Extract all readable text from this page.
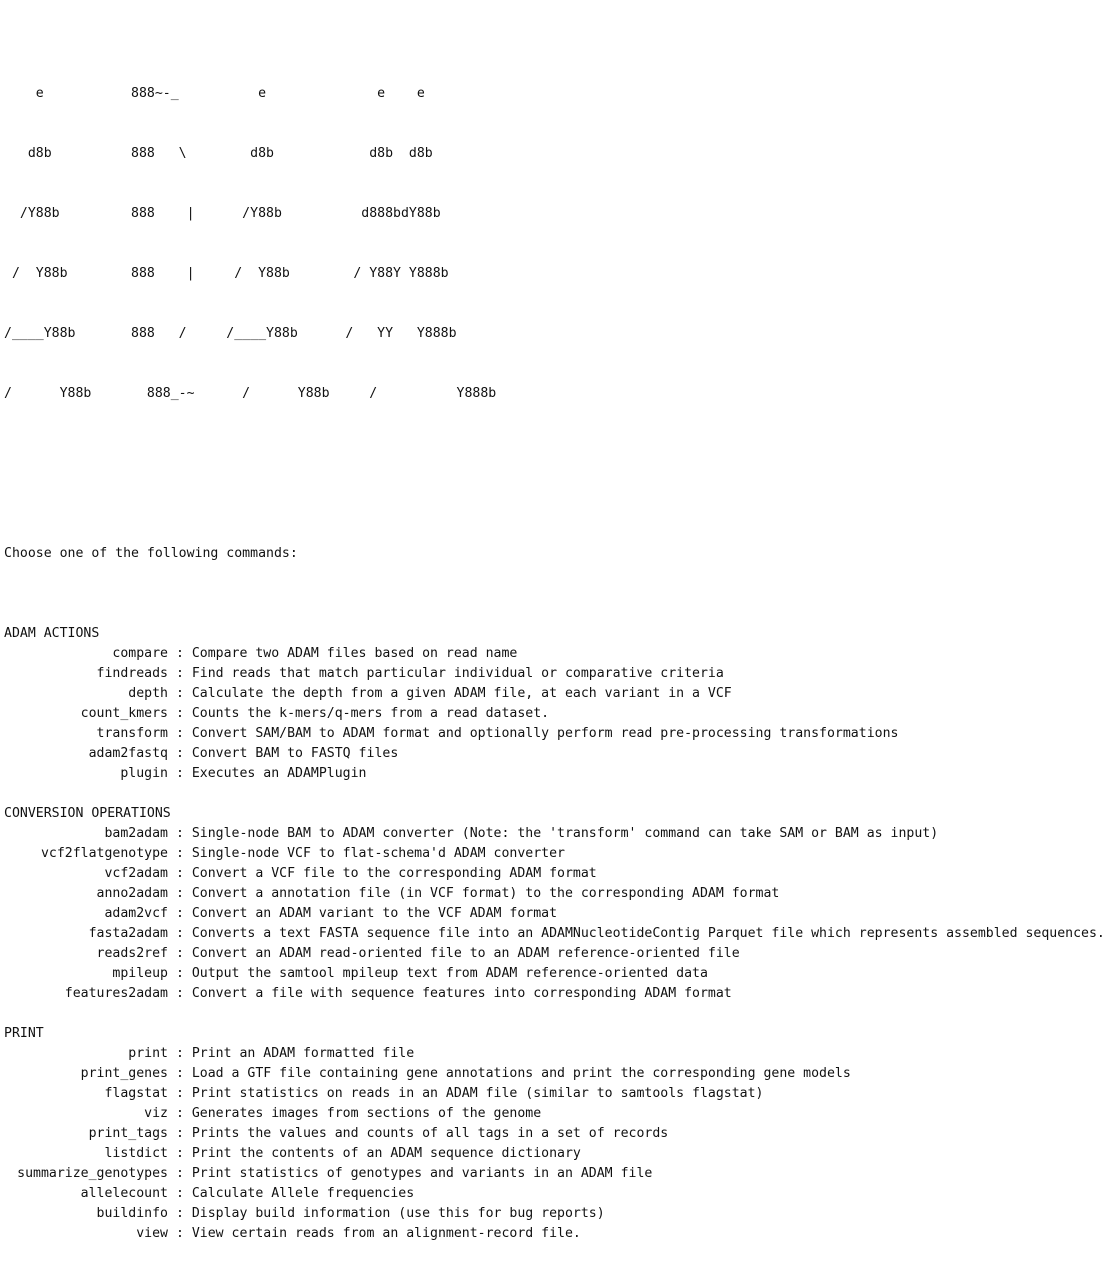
e           888~-_          e              e    e

d8b          888   \        d8b            d8b  d8b

/Y88b         888    |      /Y88b          d888bdY88b

/  Y88b        888    |     /  Y88b        / Y88Y Y888b

/____Y88b       888   /     /____Y88b      /   YY   Y888b

/      Y88b       888_-~      /      Y88b     /          Y888b

Choose one of the following commands:

ADAM ACTIONS
compare : Compare two ADAM files based on read name
findreads : Find reads that match particular individual or comparative criteria
depth : Calculate the depth from a given ADAM file, at each variant in a VCF
count_kmers : Counts the k-mers/q-mers from a read dataset.
transform : Convert SAM/BAM to ADAM format and optionally perform read pre-processing transformations
adam2fastq : Convert BAM to FASTQ files
plugin : Executes an ADAMPlugin
CONVERSION OPERATIONS
bam2adam : Single-node BAM to ADAM converter (Note: the 'transform' command can take SAM or BAM as input)
vcf2flatgenotype : Single-node VCF to flat-schema'd ADAM converter
vcf2adam : Convert a VCF file to the corresponding ADAM format
anno2adam : Convert a annotation file (in VCF format) to the corresponding ADAM format
adam2vcf : Convert an ADAM variant to the VCF ADAM format
fasta2adam : Converts a text FASTA sequence file into an ADAMNucleotideContig Parquet file which represents assembled sequences.
reads2ref : Convert an ADAM read-oriented file to an ADAM reference-oriented file
mpileup : Output the samtool mpileup text from ADAM reference-oriented data
features2adam : Convert a file with sequence features into corresponding ADAM format
PRINT
print : Print an ADAM formatted file
print_genes : Load a GTF file containing gene annotations and print the corresponding gene models
flagstat : Print statistics on reads in an ADAM file (similar to samtools flagstat)
viz : Generates images from sections of the genome
print_tags : Prints the values and counts of all tags in a set of records
listdict : Print the contents of an ADAM sequence dictionary
summarize_genotypes : Print statistics of genotypes and variants in an ADAM file
allelecount : Calculate Allele frequencies
buildinfo : Display build information (use this for bug reports)
view : View certain reads from an alignment-record file.
